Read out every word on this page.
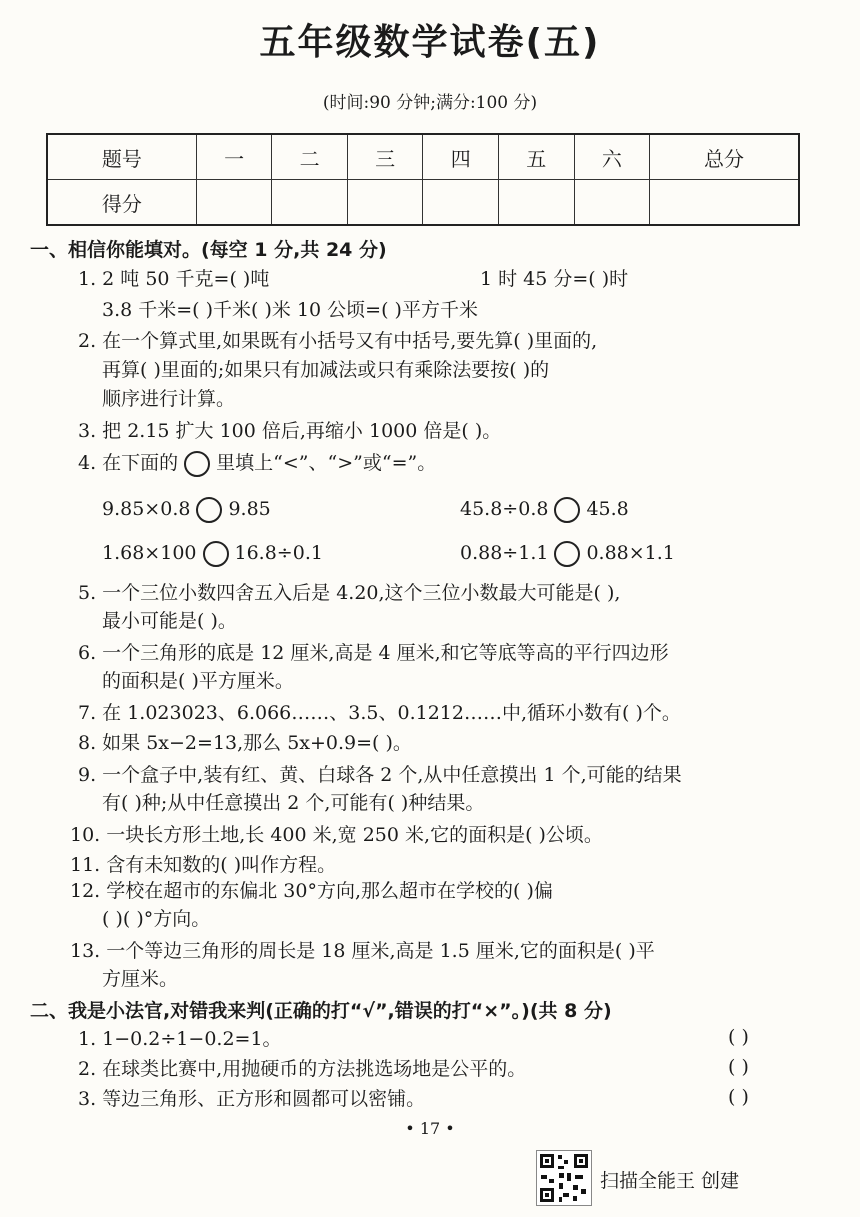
五年级数学试卷(五)
(时间:90 分钟;满分:100 分)
题号	一	二	三	四	五	六	总分
得分							
一、相信你能填对。(每空 1 分,共 24 分)
1. 2 吨 50 千克=( )吨	1 时 45 分=( )时
3.8 千米=( )千米( )米 10 公顷=( )平方千米
2. 在一个算式里,如果既有小括号又有中括号,要先算( )里面的,
再算( )里面的;如果只有加减法或只有乘除法要按( )的
顺序进行计算。
3. 把 2.15 扩大 100 倍后,再缩小 1000 倍是( )。
4. 在下面的 里填上“<”、“>”或“=”。
9.85×0.8 9.85	45.8÷0.8 45.8
1.68×100 16.8÷0.1	0.88÷1.1 0.88×1.1
5. 一个三位小数四舍五入后是 4.20,这个三位小数最大可能是( ),
最小可能是( )。
6. 一个三角形的底是 12 厘米,高是 4 厘米,和它等底等高的平行四边形
的面积是( )平方厘米。
7. 在 1.023023、6.066……、3.5、0.1212……中,循环小数有( )个。
8. 如果 5x−2=13,那么 5x+0.9=( )。
9. 一个盒子中,装有红、黄、白球各 2 个,从中任意摸出 1 个,可能的结果
有( )种;从中任意摸出 2 个,可能有( )种结果。
10. 一块长方形土地,长 400 米,宽 250 米,它的面积是( )公顷。
11. 含有未知数的( )叫作方程。
12. 学校在超市的东偏北 30°方向,那么超市在学校的( )偏
( )( )°方向。
13. 一个等边三角形的周长是 18 厘米,高是 1.5 厘米,它的面积是( )平
方厘米。
二、我是小法官,对错我来判(正确的打“√”,错误的打“×”。)(共 8 分)
1. 1−0.2÷1−0.2=1。	( )
2. 在球类比赛中,用抛硬币的方法挑选场地是公平的。	( )
3. 等边三角形、正方形和圆都可以密铺。	( )
• 17 •
扫描全能王 创建
